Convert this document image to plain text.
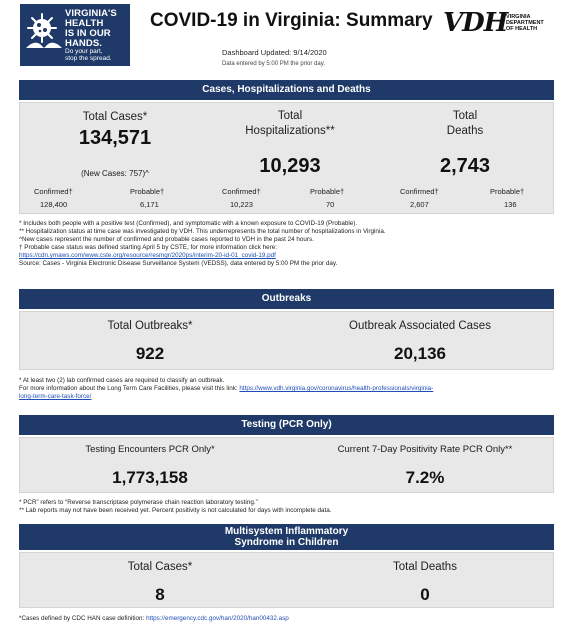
VIRGINIA'S
HEALTH
IS IN OUR
HANDS.
Do your part,
stop the spread.
COVID-19 in Virginia: Summary VDH
VIRGINIA
DEPARTMENT
OF HEALTH
Dashboard Updated: 9/14/2020
Data entered by 5:00 PM the prior day.
Cases, Hospitalizations and Deaths
Total Cases*
134,571
(New Cases: 757)^
Confirmed†
128,400
Probable†
6,171
Total
Hospitalizations**
10,293
Confirmed†
10,223
Probable†
70
Total
Deaths
2,743
Confirmed†
2,607
Probable†
136
* Includes both people with a positive test (Confirmed), and symptomatic with a known exposure to COVID-19 (Probable).
** Hospitalization status at time case was investigated by VDH. This underrepresents the total number of hospitalizations in Virginia.
^New cases represent the number of confirmed and probable cases reported to VDH in the past 24 hours.
† Probable case status was defined starting April 5 by CSTE, for more information click here:
https://cdn.ymaws.com/www.cste.org/resource/resmgr/2020ps/interim-20-id-01_covid-19.pdf
Source: Cases - Virginia Electronic Disease Surveillance System (VEDSS), data entered by 5:00 PM the prior day.
Outbreaks
Total Outbreaks*
922
Outbreak Associated Cases
20,136
* At least two (2) lab confirmed cases are required to classify an outbreak.
For more information about the Long Term Care Facilities, please visit this link: https://www.vdh.virginia.gov/coronavirus/health-professionals/virginia-
long-term-care-task-force/
Testing (PCR Only)
Testing Encounters PCR Only*
1,773,158
Current 7-Day Positivity Rate PCR Only**
7.2%
* PCR” refers to “Reverse transcriptase polymerase chain reaction laboratory testing.”
** Lab reports may not have been received yet. Percent positivity is not calculated for days with incomplete data.
Multisystem Inflammatory
Syndrome in Children
Total Cases*
8
Total Deaths
0
*Cases defined by CDC HAN case definition: https://emergency.cdc.gov/han/2020/han00432.asp
